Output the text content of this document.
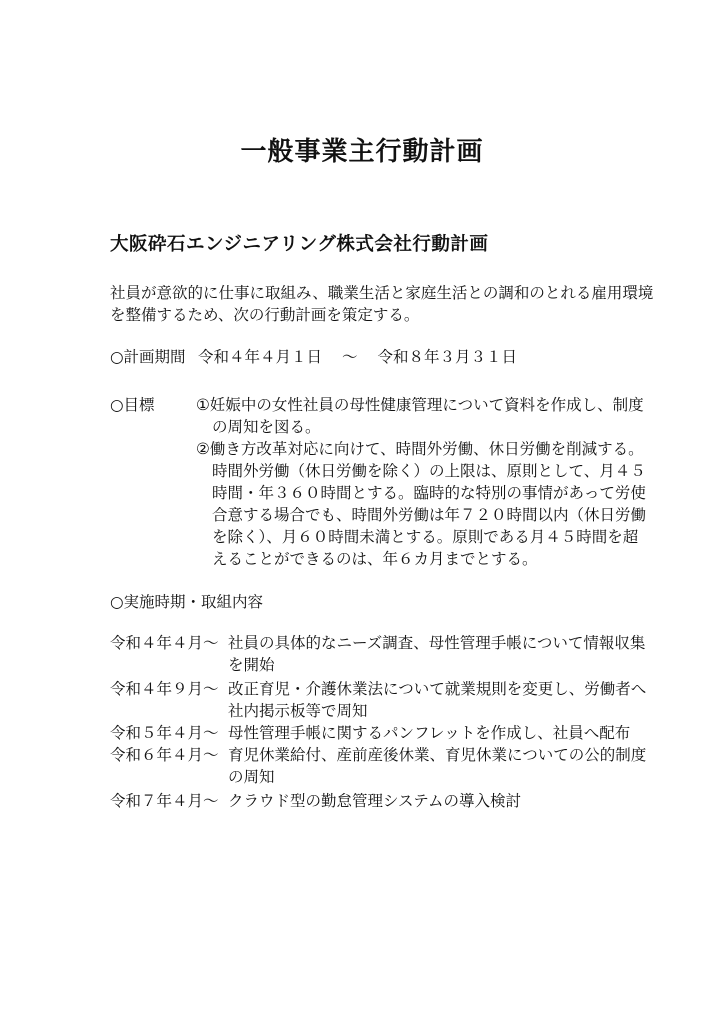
一般事業主行動計画
大阪砕石エンジニアリング株式会社行動計画
社員が意欲的に仕事に取組み、職業生活と家庭生活との調和のとれる雇用環境
を整備するため、次の行動計画を策定する。
○計画期間 令和４年４月１日 ～ 令和８年３月３１日
○目標	①妊娠中の女性社員の母性健康管理について資料を作成し、制度
の周知を図る。
②働き方改革対応に向けて、時間外労働、休日労働を削減する。
時間外労働（休日労働を除く）の上限は、原則として、月４５
時間・年３６０時間とする。臨時的な特別の事情があって労使
合意する場合でも、時間外労働は年７２０時間以内（休日労働
を除く）、月６０時間未満とする。原則である月４５時間を超
えることができるのは、年６カ月までとする。
○実施時期・取組内容
令和４年４月～ 社員の具体的なニーズ調査、母性管理手帳について情報収集
を開始
令和４年９月～ 改正育児・介護休業法について就業規則を変更し、労働者へ
社内掲示板等で周知
令和５年４月～ 母性管理手帳に関するパンフレットを作成し、社員へ配布
令和６年４月～ 育児休業給付、産前産後休業、育児休業についての公的制度
の周知
令和７年４月～ クラウド型の勤怠管理システムの導入検討
